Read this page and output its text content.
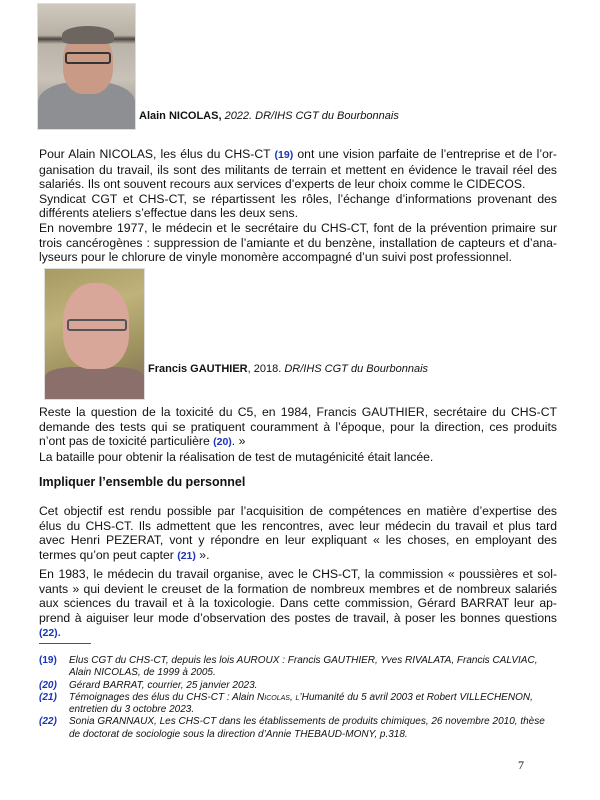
Alain NICOLAS, 2022. DR/IHS CGT du Bourbonnais
Pour Alain NICOLAS, les élus du CHS-CT (19) ont une vision parfaite de l’entreprise et de l’or-
ganisation du travail, ils sont des militants de terrain et mettent en évidence le travail réel des
salariés. Ils ont souvent recours aux services d’experts de leur choix comme le CIDECOS.
Syndicat CGT et CHS-CT, se répartissent les rôles, l’échange d’informations provenant des
différents ateliers s’effectue dans les deux sens.
En novembre 1977, le médecin et le secrétaire du CHS-CT, font de la prévention primaire sur
trois cancérogènes : suppression de l’amiante et du benzène, installation de capteurs et d’ana-
lyseurs pour le chlorure de vinyle monomère accompagné d’un suivi post professionnel.
Francis GAUTHIER, 2018. DR/IHS CGT du Bourbonnais
Reste la question de la toxicité du C5, en 1984, Francis GAUTHIER, secrétaire du CHS-CT
demande des tests qui se pratiquent couramment à l’époque, pour la direction, ces produits
n’ont pas de toxicité particulière (20). »
La bataille pour obtenir la réalisation de test de mutagénicité était lancée.
Impliquer l’ensemble du personnel
Cet objectif est rendu possible par l’acquisition de compétences en matière d’expertise des
élus du CHS-CT. Ils admettent que les rencontres, avec leur médecin du travail et plus tard
avec Henri PEZERAT, vont y répondre en leur expliquant « les choses, en employant des
termes qu’on peut capter (21) ».
En 1983, le médecin du travail organise, avec le CHS-CT, la commission « poussières et sol-
vants » qui devient le creuset de la formation de nombreux membres et de nombreux salariés
aux sciences du travail et à la toxicologie. Dans cette commission, Gérard BARRAT leur ap-
prend à aiguiser leur mode d’observation des postes de travail, à poser les bonnes questions
(22).
(19)	Elus CGT du CHS-CT, depuis les lois AUROUX : Francis GAUTHIER, Yves RIVALATA, Francis CALVIAC,
Alain NICOLAS, de 1999 à 2005.
(20)	Gérard BARRAT, courrier, 25 janvier 2023.
(21)	Témoignages des élus du CHS-CT : Alain Nicolas, l’Humanité du 5 avril 2003 et Robert VILLECHENON,
entretien du 3 octobre 2023.
(22)	Sonia GRANNAUX, Les CHS-CT dans les établissements de produits chimiques, 26 novembre 2010, thèse
de doctorat de sociologie sous la direction d’Annie THEBAUD-MONY, p.318.
7
